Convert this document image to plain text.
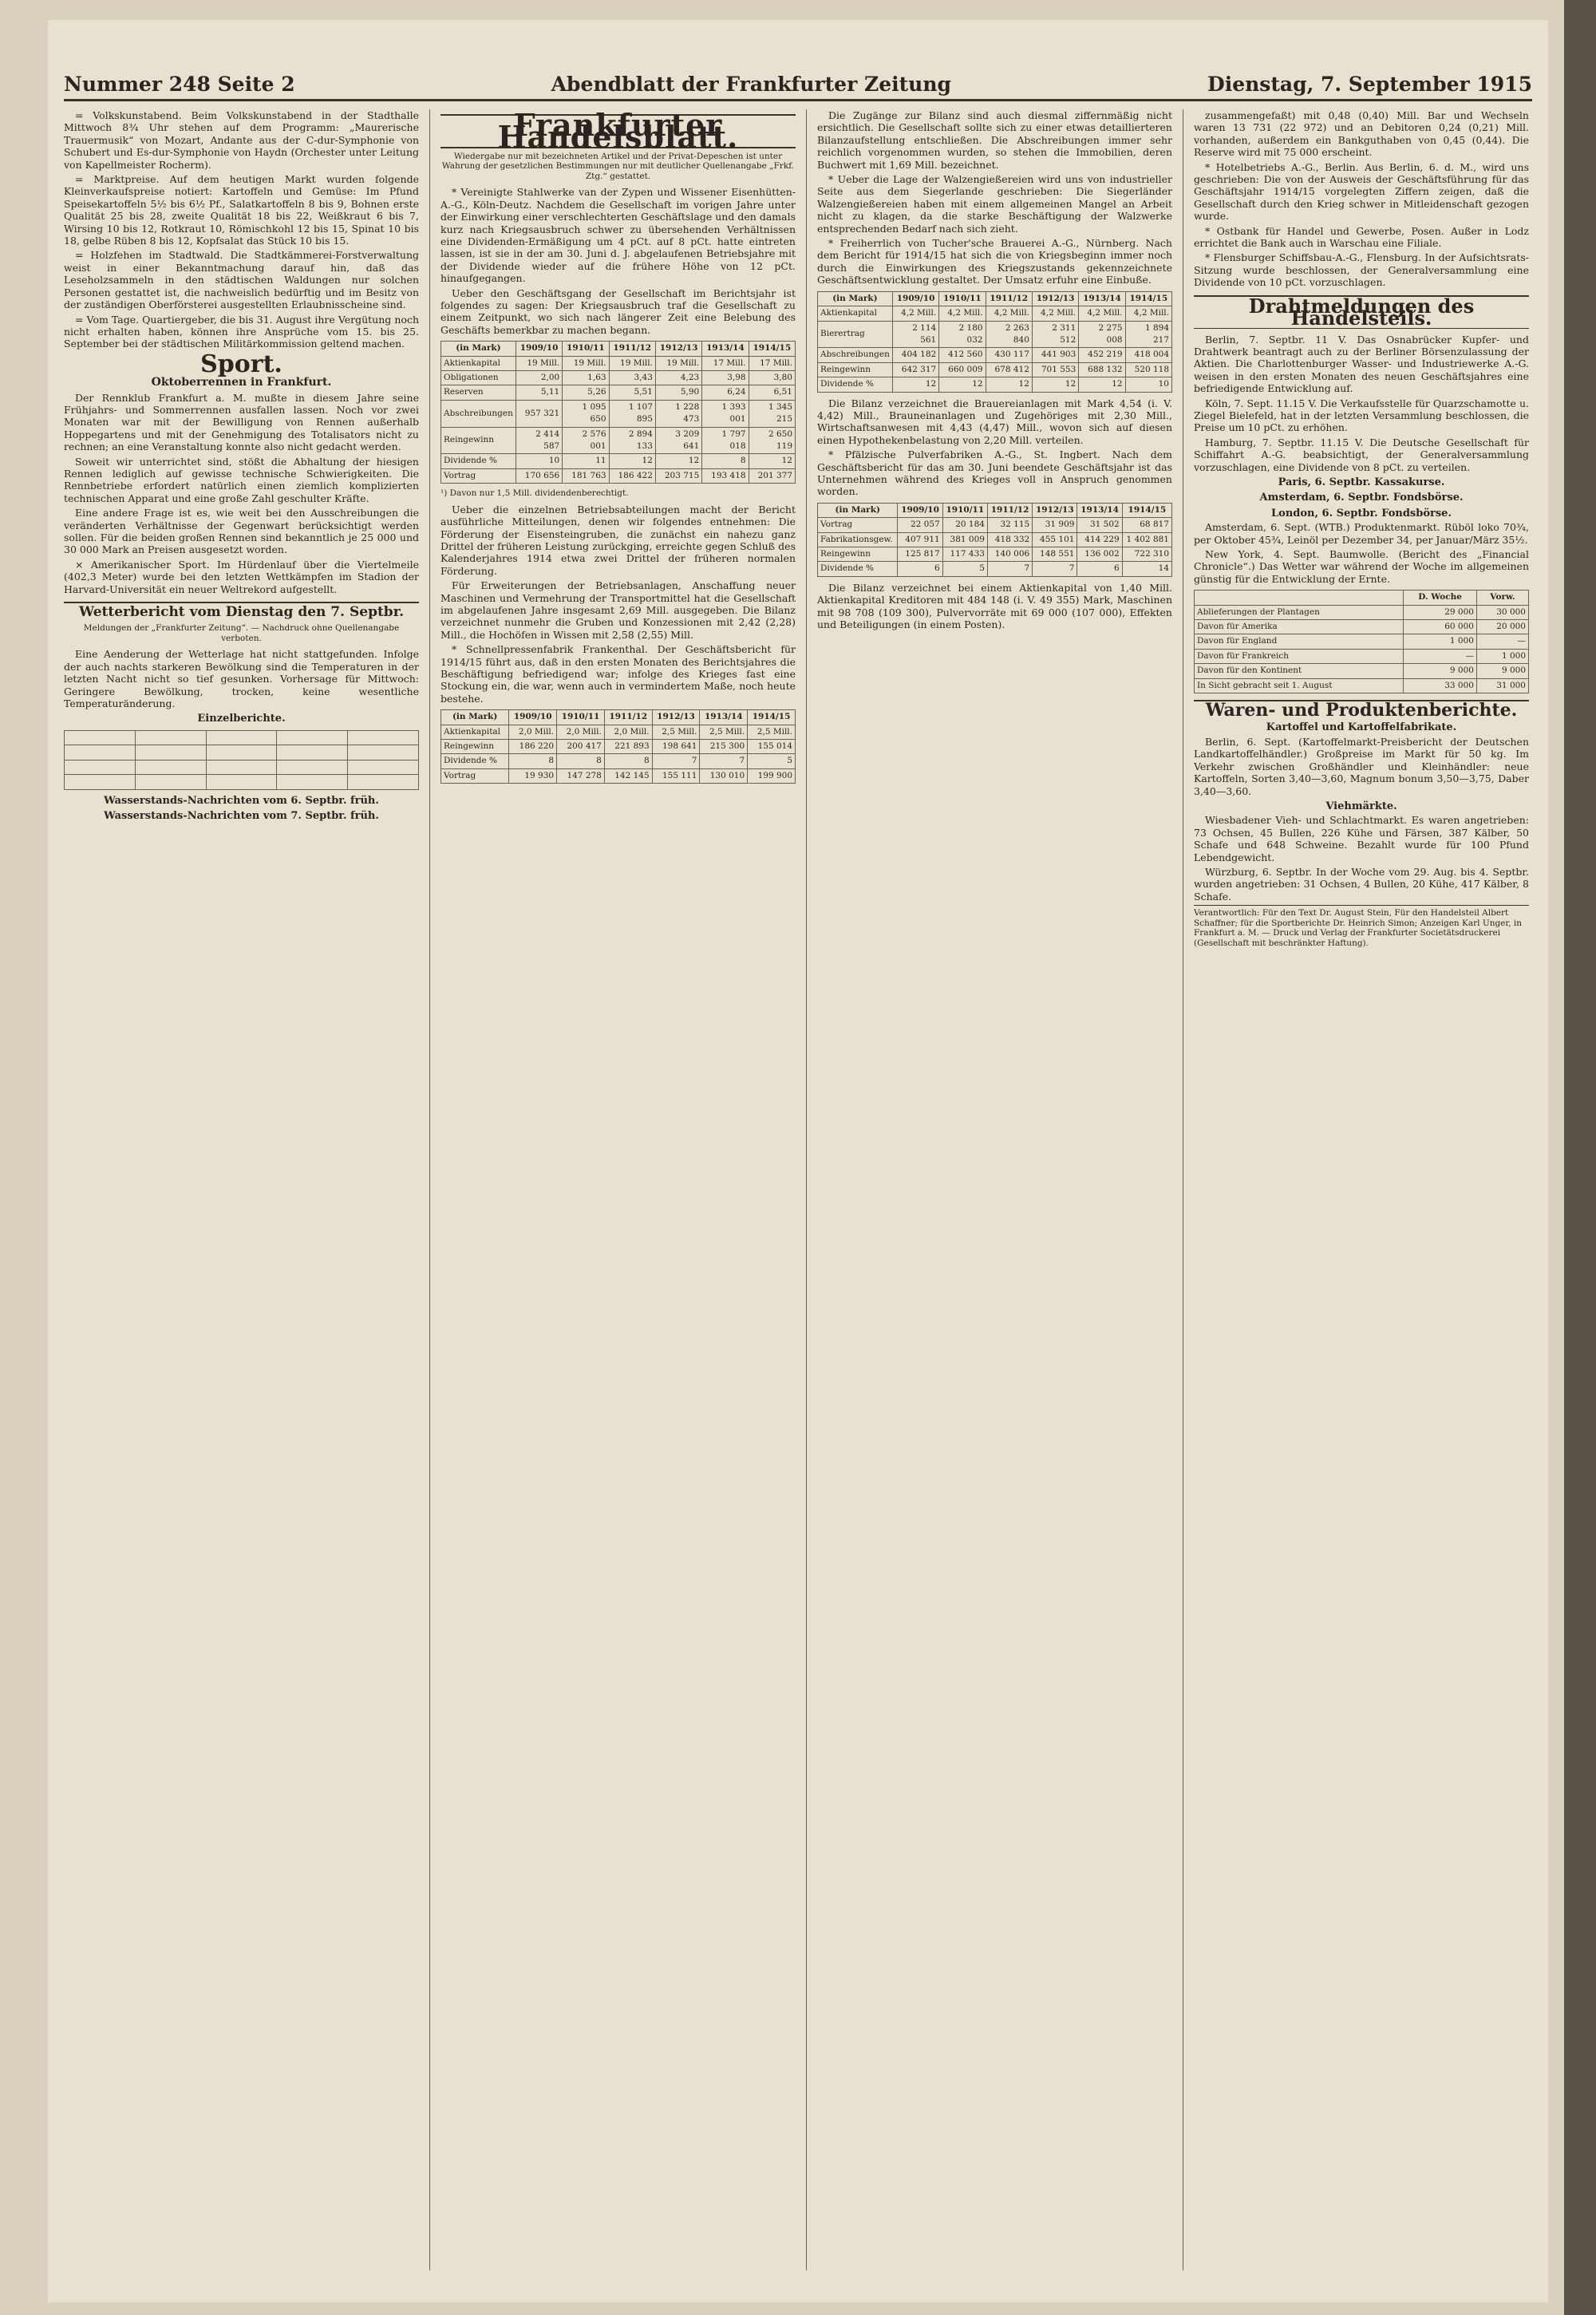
Nummer 248 Seite 2	Abendblatt der Frankfurter Zeitung	Dienstag, 7. September 1915

= Volkskunstabend. Beim Volkskunstabend in der Stadthalle Mittwoch 8¾ Uhr stehen auf dem Programm: „Maurerische Trauermusik“ von Mozart, Andante aus der C-dur-Symphonie von Schubert und Es-dur-Symphonie von Haydn (Orchester unter Leitung von Kapellmeister Rocherm).

= Marktpreise. Auf dem heutigen Markt wurden folgende Kleinverkaufspreise notiert: Kartoffeln und Gemüse: Im Pfund Speisekartoffeln 5½ bis 6½ Pf., Salatkartoffeln 8 bis 9, Bohnen erste Qualität 25 bis 28, zweite Qualität 18 bis 22, Weißkraut 6 bis 7, Wirsing 10 bis 12, Rotkraut 10, Römischkohl 12 bis 15, Spinat 10 bis 18, gelbe Rüben 8 bis 12, Kopfsalat das Stück 10 bis 15.

= Holzfehen im Stadtwald. Die Stadtkämmerei-Forstverwaltung weist in einer Bekanntmachung darauf hin, daß das Leseholzsammeln in den städtischen Waldungen nur solchen Personen gestattet ist, die nachweislich bedürftig und im Besitz von der zuständigen Oberförsterei ausgestellten Erlaubnisscheine sind.

= Vom Tage. Quartiergeber, die bis 31. August ihre Vergütung noch nicht erhalten haben, können ihre Ansprüche vom 15. bis 25. September bei der städtischen Militärkommission geltend machen.

Sport.
Oktoberrennen in Frankfurt.

Der Rennklub Frankfurt a. M. mußte in diesem Jahre seine Frühjahrs- und Sommerrennen ausfallen lassen. Noch vor zwei Monaten war mit der Bewilligung von Rennen außerhalb Hoppegartens und mit der Genehmigung des Totalisators nicht zu rechnen; an eine Veranstaltung konnte also nicht gedacht werden.

Soweit wir unterrichtet sind, stößt die Abhaltung der hiesigen Rennen lediglich auf gewisse technische Schwierigkeiten. Die Rennbetriebe erfordert natürlich einen ziemlich komplizierten technischen Apparat und eine große Zahl geschulter Kräfte.

Eine andere Frage ist es, wie weit bei den Ausschreibungen die veränderten Verhältnisse der Gegenwart berücksichtigt werden sollen. Für die beiden großen Rennen sind bekanntlich je 25 000 und 30 000 Mark an Preisen ausgesetzt worden.

× Amerikanischer Sport. Im Hürdenlauf über die Viertelmeile (402,3 Meter) wurde bei den letzten Wettkämpfen im Stadion der Harvard-Universität ein neuer Weltrekord aufgestellt.

Wetterbericht vom Dienstag den 7. Septbr.
Meldungen der „Frankfurter Zeitung“. — Nachdruck ohne Quellenangabe verboten.

Eine Aenderung der Wetterlage hat nicht stattgefunden. Infolge der auch nachts starkeren Bewölkung sind die Temperaturen in der letzten Nacht nicht so tief gesunken. Vorhersage für Mittwoch: Geringere Bewölkung, trocken, keine wesentliche Temperaturänderung.

Einzelberichte.

Wasserstands-Nachrichten vom 6. Septbr. früh.
Wasserstands-Nachrichten vom 7. Septbr. früh.
Frankfurter Handelsblatt.
Wiedergabe nur mit bezeichneten Artikel und der Privat-Depeschen ist unter Wahrung der gesetzlichen Bestimmungen nur mit deutlicher Quellenangabe „Frkf. Ztg.“ gestattet.

* Vereinigte Stahlwerke van der Zypen und Wissener Eisenhütten-A.-G., Köln-Deutz. Nachdem die Gesellschaft im vorigen Jahre unter der Einwirkung einer verschlechterten Geschäftslage und den damals kurz nach Kriegsausbruch schwer zu übersehenden Verhältnissen eine Dividenden-Ermäßigung um 4 pCt. auf 8 pCt. hatte eintreten lassen, ist sie in der am 30. Juni d. J. abgelaufenen Betriebsjahre mit der Dividende wieder auf die frühere Höhe von 12 pCt. hinaufgegangen.

Ueber den Geschäftsgang der Gesellschaft im Berichtsjahr ist folgendes zu sagen: Der Kriegsausbruch traf die Gesellschaft zu einem Zeitpunkt, wo sich nach längerer Zeit eine Belebung des Geschäfts bemerkbar zu machen begann.

(in Mark)	1909/10	1910/11	1911/12	1912/13	1913/14	1914/15
Aktienkapital	19 Mill.	19 Mill.	19 Mill.	19 Mill.	17 Mill.	17 Mill.
Obligationen	2,00	1,63	3,43	4,23	3,98	3,80
Reserven	5,11	5,26	5,51	5,90	6,24	6,51
Abschreibungen	957 321	1 095 650	1 107 895	1 228 473	1 393 001	1 345 215
Reingewinn	2 414 587	2 576 001	2 894 133	3 209 641	1 797 018	2 650 119
Dividende %	10	11	12	12	8	12
Vortrag	170 656	181 763	186 422	203 715	193 418	201 377
¹) Davon nur 1,5 Mill. dividendenberechtigt.

Ueber die einzelnen Betriebsabteilungen macht der Bericht ausführliche Mitteilungen, denen wir folgendes entnehmen: Die Förderung der Eisensteingruben, die zunächst ein nahezu ganz Drittel der früheren Leistung zurückging, erreichte gegen Schluß des Kalenderjahres 1914 etwa zwei Drittel der früheren normalen Förderung.

Für Erweiterungen der Betriebsanlagen, Anschaffung neuer Maschinen und Vermehrung der Transportmittel hat die Gesellschaft im abgelaufenen Jahre insgesamt 2,69 Mill. ausgegeben. Die Bilanz verzeichnet nunmehr die Gruben und Konzessionen mit 2,42 (2,28) Mill., die Hochöfen in Wissen mit 2,58 (2,55) Mill.

* Schnellpressenfabrik Frankenthal. Der Geschäftsbericht für 1914/15 führt aus, daß in den ersten Monaten des Berichtsjahres die Beschäftigung befriedigend war; infolge des Krieges fast eine Stockung ein, die war, wenn auch in vermindertem Maße, noch heute bestehe.

(in Mark)	1909/10	1910/11	1911/12	1912/13	1913/14	1914/15
Aktienkapital	2,0 Mill.	2,0 Mill.	2,0 Mill.	2,5 Mill.	2,5 Mill.	2,5 Mill.
Reingewinn	186 220	200 417	221 893	198 641	215 300	155 014
Dividende %	8	8	8	7	7	5
Vortrag	19 930	147 278	142 145	155 111	130 010	199 900

Die Zugänge zur Bilanz sind auch diesmal ziffernmäßig nicht ersichtlich. Die Gesellschaft sollte sich zu einer etwas detaillierteren Bilanzaufstellung entschließen. Die Abschreibungen immer sehr reichlich vorgenommen wurden, so stehen die Immobilien, deren Buchwert mit 1,69 Mill. bezeichnet.

* Ueber die Lage der Walzengießereien wird uns von industrieller Seite aus dem Siegerlande geschrieben: Die Siegerländer Walzengießereien haben mit einem allgemeinen Mangel an Arbeit nicht zu klagen, da die starke Beschäftigung der Walzwerke entsprechenden Bedarf nach sich zieht.

* Freiherrlich von Tucher'sche Brauerei A.-G., Nürnberg. Nach dem Bericht für 1914/15 hat sich die von Kriegsbeginn immer noch durch die Einwirkungen des Kriegszustands gekennzeichnete Geschäftsentwicklung gestaltet. Der Umsatz erfuhr eine Einbuße.

(in Mark)	1909/10	1910/11	1911/12	1912/13	1913/14	1914/15
Aktienkapital	4,2 Mill.	4,2 Mill.	4,2 Mill.	4,2 Mill.	4,2 Mill.	4,2 Mill.
Bierertrag	2 114 561	2 180 032	2 263 840	2 311 512	2 275 008	1 894 217
Abschreibungen	404 182	412 560	430 117	441 903	452 219	418 004
Reingewinn	642 317	660 009	678 412	701 553	688 132	520 118
Dividende %	12	12	12	12	12	10

Die Bilanz verzeichnet die Brauereianlagen mit Mark 4,54 (i. V. 4,42) Mill., Brauneinanlagen und Zugehöriges mit 2,30 Mill., Wirtschaftsanwesen mit 4,43 (4,47) Mill., wovon sich auf diesen einen Hypothekenbelastung von 2,20 Mill. verteilen.

* Pfälzische Pulverfabriken A.-G., St. Ingbert. Nach dem Geschäftsbericht für das am 30. Juni beendete Geschäftsjahr ist das Unternehmen während des Krieges voll in Anspruch genommen worden.

(in Mark)	1909/10	1910/11	1911/12	1912/13	1913/14	1914/15
Vortrag	22 057	20 184	32 115	31 909	31 502	68 817
Fabrikationsgew.	407 911	381 009	418 332	455 101	414 229	1 402 881
Reingewinn	125 817	117 433	140 006	148 551	136 002	722 310
Dividende %	6	5	7	7	6	14

Die Bilanz verzeichnet bei einem Aktienkapital von 1,40 Mill. Aktienkapital Kreditoren mit 484 148 (i. V. 49 355) Mark, Maschinen mit 98 708 (109 300), Pulvervorräte mit 69 000 (107 000), Effekten und Beteiligungen (in einem Posten).

zusammengefaßt) mit 0,48 (0,40) Mill. Bar und Wechseln waren 13 731 (22 972) und an Debitoren 0,24 (0,21) Mill. vorhanden, außerdem ein Bankguthaben von 0,45 (0,44). Die Reserve wird mit 75 000 erscheint.

* Hotelbetriebs A.-G., Berlin. Aus Berlin, 6. d. M., wird uns geschrieben: Die von der Ausweis der Geschäftsführung für das Geschäftsjahr 1914/15 vorgelegten Ziffern zeigen, daß die Gesellschaft durch den Krieg schwer in Mitleidenschaft gezogen wurde.

* Ostbank für Handel und Gewerbe, Posen. Außer in Lodz errichtet die Bank auch in Warschau eine Filiale.

* Flensburger Schiffsbau-A.-G., Flensburg. In der Aufsichtsrats-Sitzung wurde beschlossen, der Generalversammlung eine Dividende von 10 pCt. vorzuschlagen.

Drahtmeldungen des Handelsteils.

Berlin, 7. Septbr. 11 V. Das Osnabrücker Kupfer- und Drahtwerk beantragt auch zu der Berliner Börsenzulassung der Aktien. Die Charlottenburger Wasser- und Industriewerke A.-G. weisen in den ersten Monaten des neuen Geschäftsjahres eine befriedigende Entwicklung auf.

Köln, 7. Sept. 11.15 V. Die Verkaufsstelle für Quarzschamotte u. Ziegel Bielefeld, hat in der letzten Versammlung beschlossen, die Preise um 10 pCt. zu erhöhen.

Hamburg, 7. Septbr. 11.15 V. Die Deutsche Gesellschaft für Schiffahrt A.-G. beabsichtigt, der Generalversammlung vorzuschlagen, eine Dividende von 8 pCt. zu verteilen.

Paris, 6. Septbr. Kassakurse.
Amsterdam, 6. Septbr. Fondsbörse.
London, 6. Septbr. Fondsbörse.

Amsterdam, 6. Sept. (WTB.) Produktenmarkt. Rüböl loko 70¾, per Oktober 45¾, Leinöl per Dezember 34, per Januar/März 35½.

New York, 4. Sept. Baumwolle. (Bericht des „Financial Chronicle“.) Das Wetter war während der Woche im allgemeinen günstig für die Entwicklung der Ernte.

	D. Woche	Vorw.
Ablieferungen der Plantagen	29 000	30 000
Davon für Amerika	60 000	20 000
Davon für England	1 000	—
Davon für Frankreich	—	1 000
Davon für den Kontinent	9 000	9 000
In Sicht gebracht seit 1. August	33 000	31 000
Waren- und Produktenberichte.
Kartoffel und Kartoffelfabrikate.

Berlin, 6. Sept. (Kartoffelmarkt-Preisbericht der Deutschen Landkartoffelhändler.) Großpreise im Markt für 50 kg. Im Verkehr zwischen Großhändler und Kleinhändler: neue Kartoffeln, Sorten 3,40—3,60, Magnum bonum 3,50—3,75, Daber 3,40—3,60.

Viehmärkte.

Wiesbadener Vieh- und Schlachtmarkt. Es waren angetrieben: 73 Ochsen, 45 Bullen, 226 Kühe und Färsen, 387 Kälber, 50 Schafe und 648 Schweine. Bezahlt wurde für 100 Pfund Lebendgewicht.

Würzburg, 6. Septbr. In der Woche vom 29. Aug. bis 4. Septbr. wurden angetrieben: 31 Ochsen, 4 Bullen, 20 Kühe, 417 Kälber, 8 Schafe.

Verantwortlich: Für den Text Dr. August Stein, Für den Handelsteil Albert Schaffner; für die Sportberichte Dr. Heinrich Simon; Anzeigen Karl Unger, in Frankfurt a. M. — Druck und Verlag der Frankfurter Societätsdruckerei (Gesellschaft mit beschränkter Haftung).
